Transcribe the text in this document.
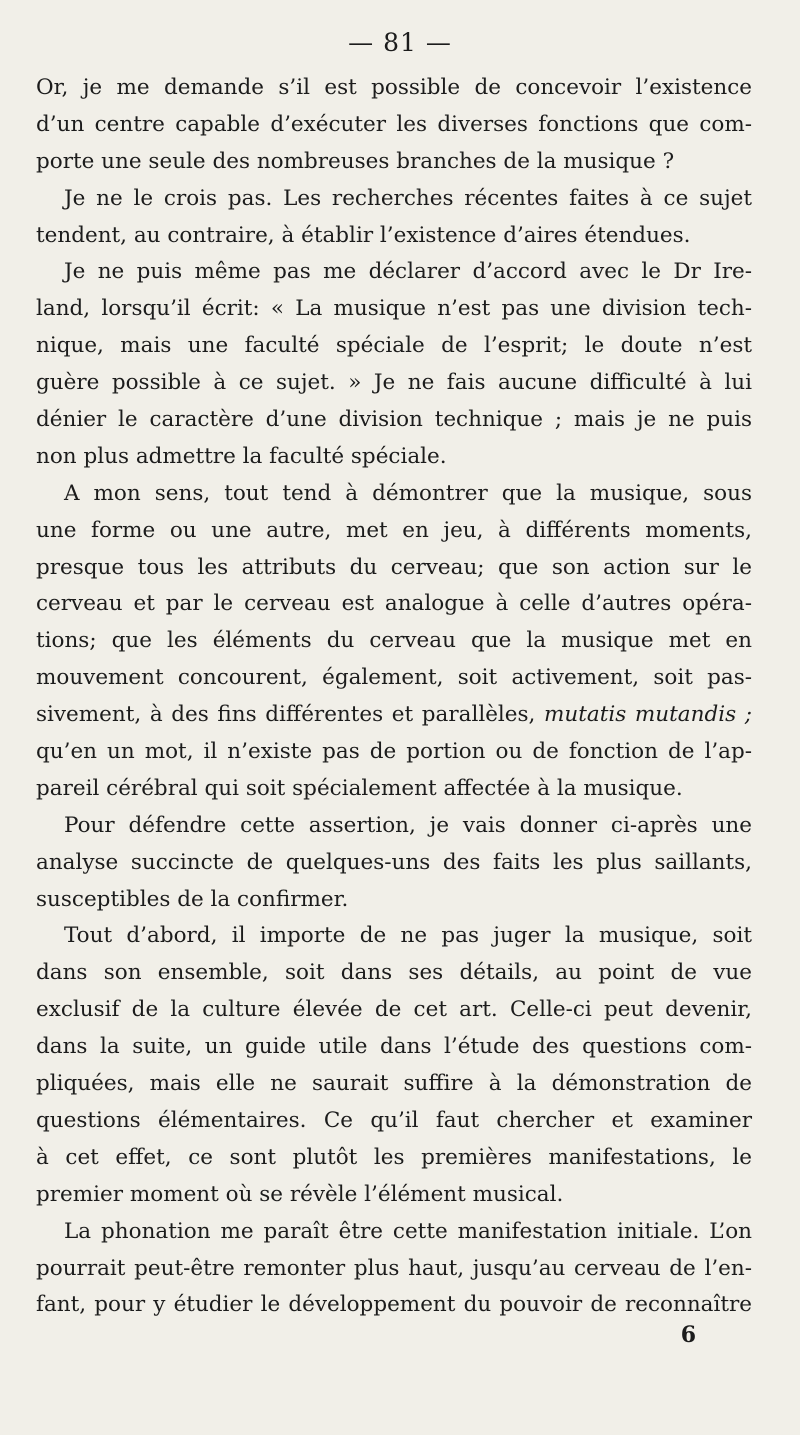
— 81 —
Or, je me demande s’il est possible de concevoir l’existence
d’un centre capable d’exécuter les diverses fonctions que com-
porte une seule des nombreuses branches de la musique ?
Je ne le crois pas. Les recherches récentes faites à ce sujet
tendent, au contraire, à établir l’existence d’aires étendues.
Je ne puis même pas me déclarer d’accord avec le Dr Ire-
land, lorsqu’il écrit: « La musique n’est pas une division tech-
nique, mais une faculté spéciale de l’esprit; le doute n’est
guère possible à ce sujet. » Je ne fais aucune difficulté à lui
dénier le caractère d’une division technique ; mais je ne puis
non plus admettre la faculté spéciale.
A mon sens, tout tend à démontrer que la musique, sous
une forme ou une autre, met en jeu, à différents moments,
presque tous les attributs du cerveau; que son action sur le
cerveau et par le cerveau est analogue à celle d’autres opéra-
tions; que les éléments du cerveau que la musique met en
mouvement concourent, également, soit activement, soit pas-
sivement, à des fins différentes et parallèles, mutatis mutandis ;
qu’en un mot, il n’existe pas de portion ou de fonction de l’ap-
pareil cérébral qui soit spécialement affectée à la musique.
Pour défendre cette assertion, je vais donner ci-après une
analyse succincte de quelques-uns des faits les plus saillants,
susceptibles de la confirmer.
Tout d’abord, il importe de ne pas juger la musique, soit
dans son ensemble, soit dans ses détails, au point de vue
exclusif de la culture élevée de cet art. Celle-ci peut devenir,
dans la suite, un guide utile dans l’étude des questions com-
pliquées, mais elle ne saurait suffire à la démonstration de
questions élémentaires. Ce qu’il faut chercher et examiner
à cet effet, ce sont plutôt les premières manifestations, le
premier moment où se révèle l’élément musical.
La phonation me paraît être cette manifestation initiale. L’on
pourrait peut-être remonter plus haut, jusqu’au cerveau de l’en-
fant, pour y étudier le développement du pouvoir de reconnaître
6
